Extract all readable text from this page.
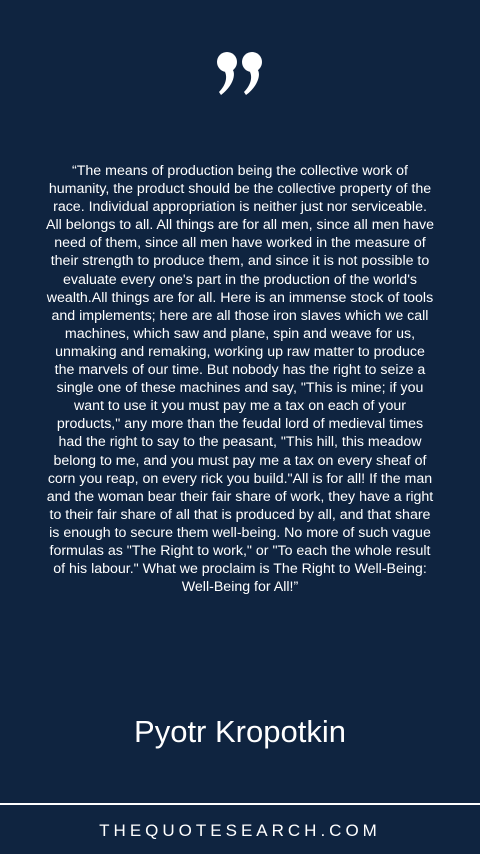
“The means of production being the collective work of humanity, the product should be the collective property of the race. Individual appropriation is neither just nor serviceable. All belongs to all. All things are for all men, since all men have need of them, since all men have worked in the measure of their strength to produce them, and since it is not possible to evaluate every one's part in the production of the world's wealth.All things are for all. Here is an immense stock of tools and implements; here are all those iron slaves which we call machines, which saw and plane, spin and weave for us, unmaking and remaking, working up raw matter to produce the marvels of our time. But nobody has the right to seize a single one of these machines and say, "This is mine; if you want to use it you must pay me a tax on each of your products," any more than the feudal lord of medieval times had the right to say to the peasant, "This hill, this meadow belong to me, and you must pay me a tax on every sheaf of corn you reap, on every rick you build."All is for all! If the man and the woman bear their fair share of work, they have a right to their fair share of all that is produced by all, and that share is enough to secure them well-being. No more of such vague formulas as "The Right to work," or "To each the whole result of his labour." What we proclaim is The Right to Well-Being: Well-Being for All!”

Pyotr Kropotkin
THEQUOTESEARCH.COM
